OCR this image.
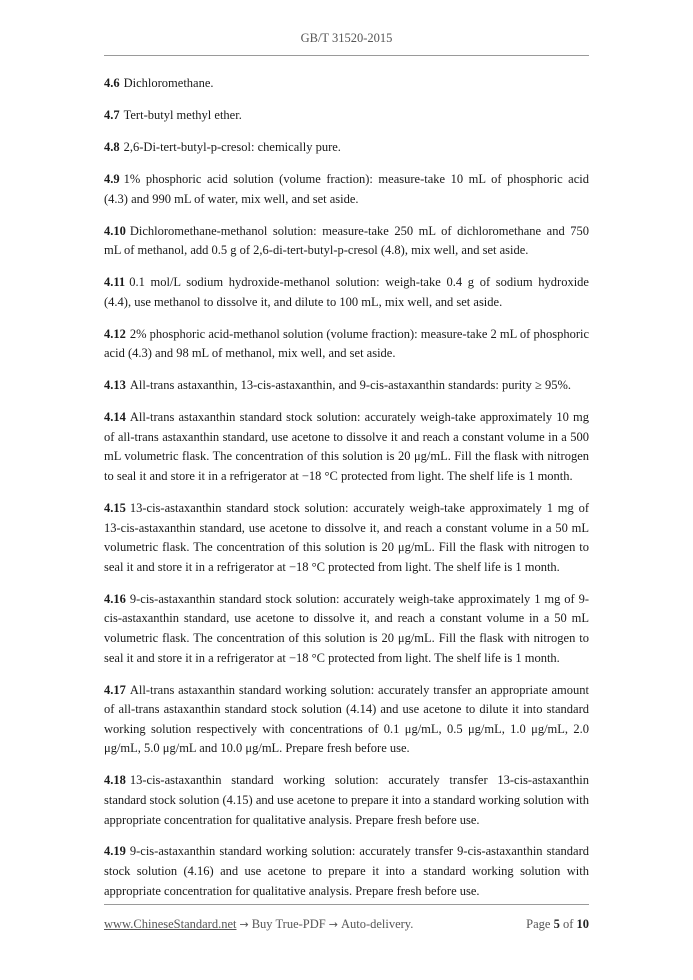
GB/T 31520-2015

4.6 Dichloromethane.

4.7 Tert-butyl methyl ether.

4.8 2,6-Di-tert-butyl-p-cresol: chemically pure.

4.9 1% phosphoric acid solution (volume fraction): measure-take 10 mL of phosphoric acid (4.3) and 990 mL of water, mix well, and set aside.

4.10 Dichloromethane-methanol solution: measure-take 250 mL of dichloromethane and 750 mL of methanol, add 0.5 g of 2,6-di-tert-butyl-p-cresol (4.8), mix well, and set aside.

4.11 0.1 mol/L sodium hydroxide-methanol solution: weigh-take 0.4 g of sodium hydroxide (4.4), use methanol to dissolve it, and dilute to 100 mL, mix well, and set aside.

4.12 2% phosphoric acid-methanol solution (volume fraction): measure-take 2 mL of phosphoric acid (4.3) and 98 mL of methanol, mix well, and set aside.

4.13 All-trans astaxanthin, 13-cis-astaxanthin, and 9-cis-astaxanthin standards: purity ≥ 95%.

4.14 All-trans astaxanthin standard stock solution: accurately weigh-take approximately 10 mg of all-trans astaxanthin standard, use acetone to dissolve it and reach a constant volume in a 500 mL volumetric flask. The concentration of this solution is 20 μg/mL. Fill the flask with nitrogen to seal it and store it in a refrigerator at −18 °C protected from light. The shelf life is 1 month.

4.15 13-cis-astaxanthin standard stock solution: accurately weigh-take approximately 1 mg of 13-cis-astaxanthin standard, use acetone to dissolve it, and reach a constant volume in a 50 mL volumetric flask. The concentration of this solution is 20 μg/mL. Fill the flask with nitrogen to seal it and store it in a refrigerator at −18 °C protected from light. The shelf life is 1 month.

4.16 9-cis-astaxanthin standard stock solution: accurately weigh-take approximately 1 mg of 9-cis-astaxanthin standard, use acetone to dissolve it, and reach a constant volume in a 50 mL volumetric flask. The concentration of this solution is 20 μg/mL. Fill the flask with nitrogen to seal it and store it in a refrigerator at −18 °C protected from light. The shelf life is 1 month.

4.17 All-trans astaxanthin standard working solution: accurately transfer an appropriate amount of all-trans astaxanthin standard stock solution (4.14) and use acetone to dilute it into standard working solution respectively with concentrations of 0.1 μg/mL, 0.5 μg/mL, 1.0 μg/mL, 2.0 μg/mL, 5.0 μg/mL and 10.0 μg/mL. Prepare fresh before use.

4.18 13-cis-astaxanthin standard working solution: accurately transfer 13-cis-astaxanthin standard stock solution (4.15) and use acetone to prepare it into a standard working solution with appropriate concentration for qualitative analysis. Prepare fresh before use.

4.19 9-cis-astaxanthin standard working solution: accurately transfer 9-cis-astaxanthin standard stock solution (4.16) and use acetone to prepare it into a standard working solution with appropriate concentration for qualitative analysis. Prepare fresh before use.

www.ChineseStandard.net → Buy True-PDF → Auto-delivery.	Page 5 of 10
